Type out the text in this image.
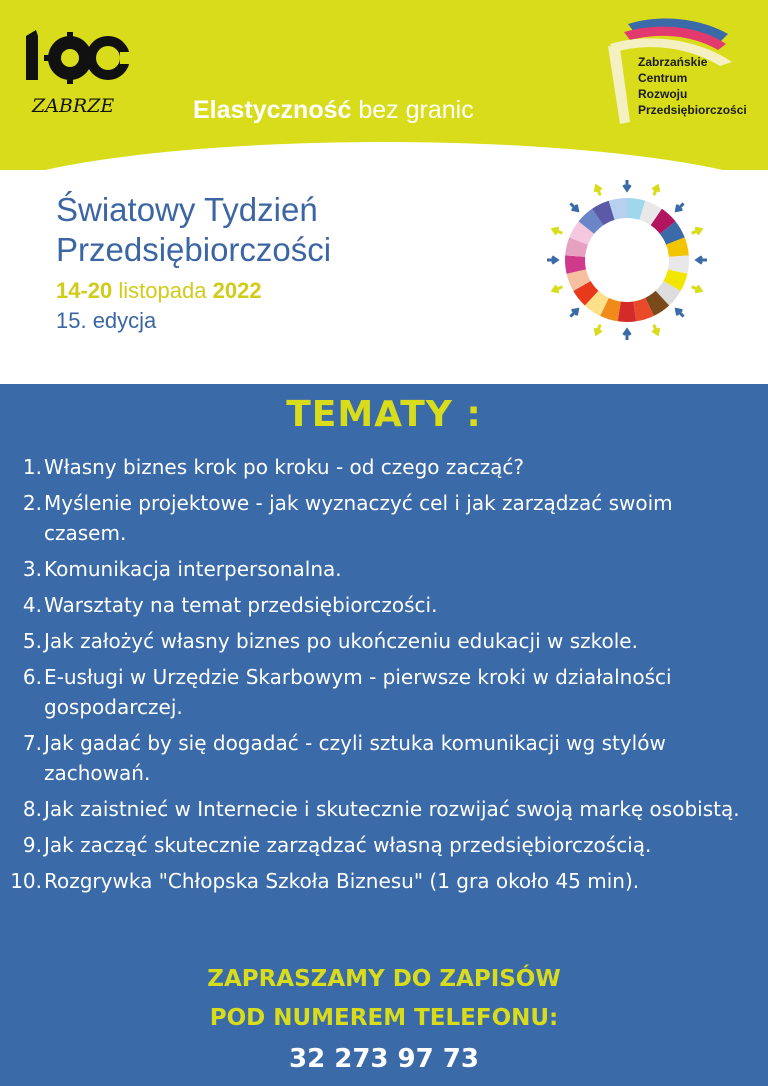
ZABRZE	Elastyczność bez granic
Zabrzańskie
Centrum
Rozwoju
Przedsiębiorczości
Światowy Tydzień
Przedsiębiorczości
14-20 listopada 2022
15. edycja
TEMATY :
1. Własny biznes krok po kroku - od czego zacząć?
2. Myślenie projektowe - jak wyznaczyć cel i jak zarządzać swoim czasem.
3. Komunikacja interpersonalna.
4. Warsztaty na temat przedsiębiorczości.
5. Jak założyć własny biznes po ukończeniu edukacji w szkole.
6. E-usługi w Urzędzie Skarbowym - pierwsze kroki w działalności gospodarczej.
7. Jak gadać by się dogadać - czyli sztuka komunikacji wg stylów zachowań.
8. Jak zaistnieć w Internecie i skutecznie rozwijać swoją markę osobistą.
9. Jak zacząć skutecznie zarządzać własną przedsiębiorczością.
10. Rozgrywka "Chłopska Szkoła Biznesu" (1 gra około 45 min).
ZAPRASZAMY DO ZAPISÓW
POD NUMEREM TELEFONU:
32 273 97 73
